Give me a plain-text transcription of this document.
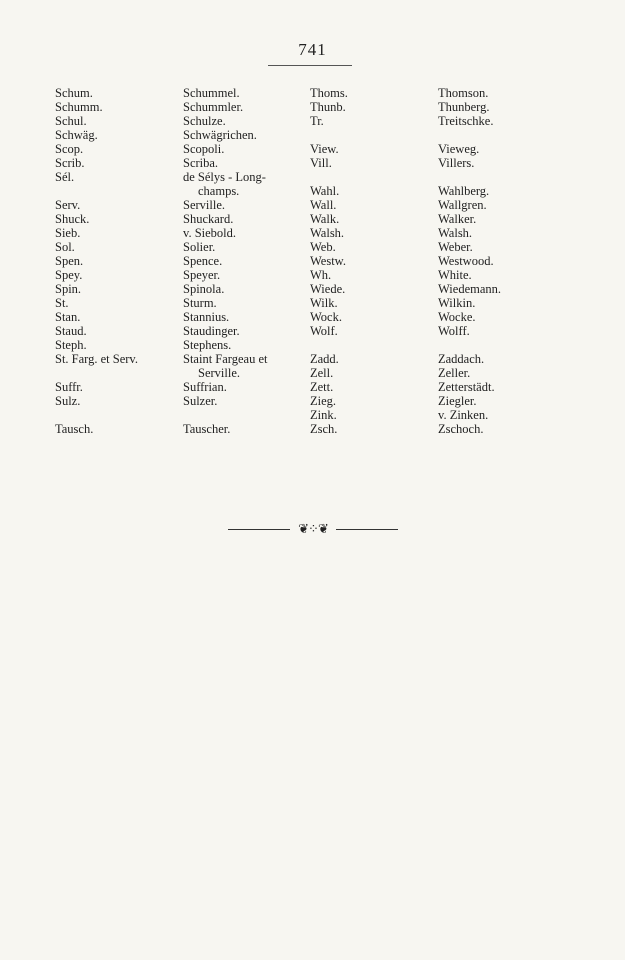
741
Schum.
Schumm.
Schul.
Schwäg.
Scop.
Scrib.
Sél.

Serv.
Shuck.
Sieb.
Sol.
Spen.
Spey.
Spin.
St.
Stan.
Staud.
Steph.
St. Farg. et Serv.

Suffr.
Sulz.

Tausch.
Schummel.
Schummler.
Schulze.
Schwägrichen.
Scopoli.
Scriba.
de Sélys - Long-
champs.
Serville.
Shuckard.
v. Siebold.
Solier.
Spence.
Speyer.
Spinola.
Sturm.
Stannius.
Staudinger.
Stephens.
Staint Fargeau et
Serville.
Suffrian.
Sulzer.

Tauscher.
Thoms.
Thunb.
Tr.

View.
Vill.

Wahl.
Wall.
Walk.
Walsh.
Web.
Westw.
Wh.
Wiede.
Wilk.
Wock.
Wolf.

Zadd.
Zell.
Zett.
Zieg.
Zink.
Zsch.
Thomson.
Thunberg.
Treitschke.

Vieweg.
Villers.

Wahlberg.
Wallgren.
Walker.
Walsh.
Weber.
Westwood.
White.
Wiedemann.
Wilkin.
Wocke.
Wolff.

Zaddach.
Zeller.
Zetterstädt.
Ziegler.
v. Zinken.
Zschoch.
❦⁘❦
